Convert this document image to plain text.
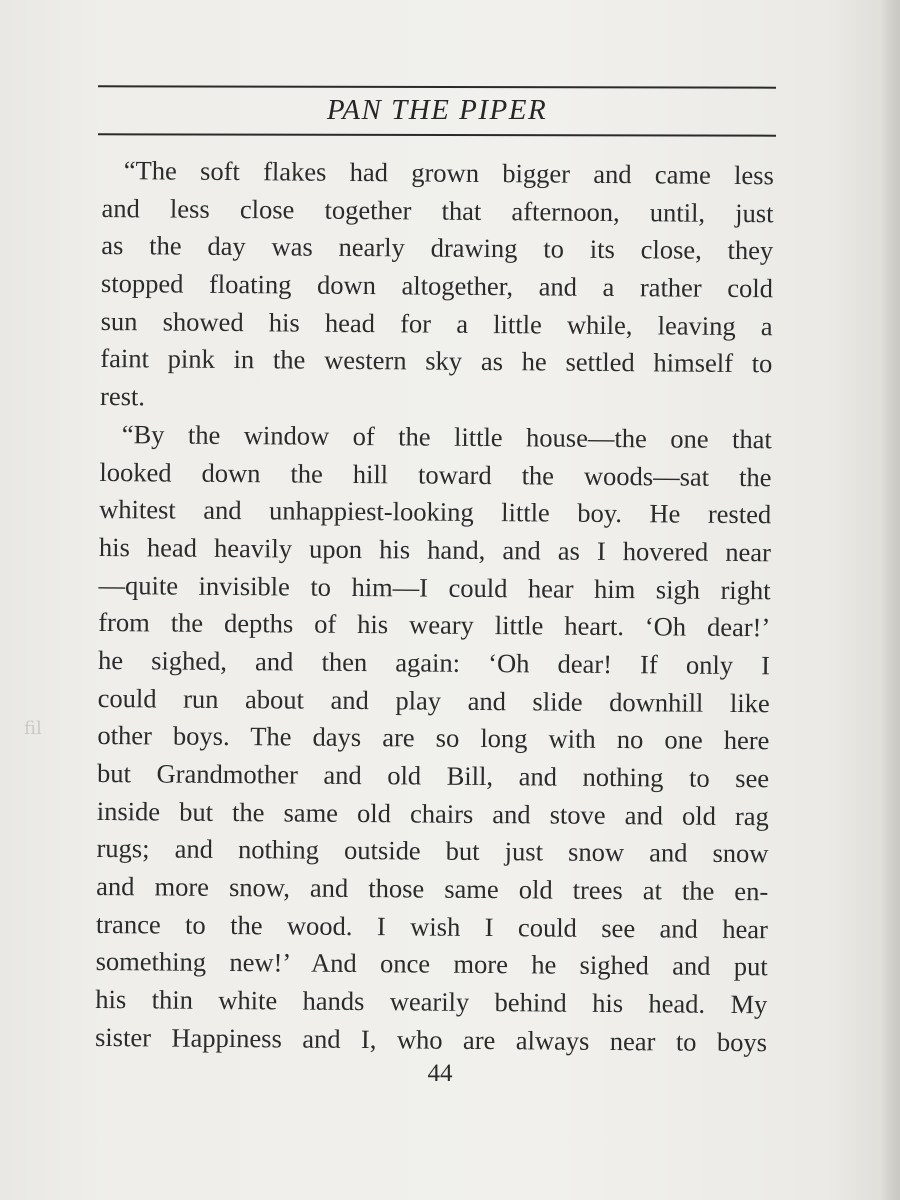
fil
PAN THE PIPER
“The soft flakes had grown bigger and came less
and less close together that afternoon, until, just
as the day was nearly drawing to its close, they
stopped floating down altogether, and a rather cold
sun showed his head for a little while, leaving a
faint pink in the western sky as he settled himself to
rest.
“By the window of the little house—the one that
looked down the hill toward the woods—sat the
whitest and unhappiest-looking little boy. He rested
his head heavily upon his hand, and as I hovered near
—quite invisible to him—I could hear him sigh right
from the depths of his weary little heart. ‘Oh dear!’
he sighed, and then again: ‘Oh dear! If only I
could run about and play and slide downhill like
other boys. The days are so long with no one here
but Grandmother and old Bill, and nothing to see
inside but the same old chairs and stove and old rag
rugs; and nothing outside but just snow and snow
and more snow, and those same old trees at the en-
trance to the wood. I wish I could see and hear
something new!’ And once more he sighed and put
his thin white hands wearily behind his head. My
sister Happiness and I, who are always near to boys
44
